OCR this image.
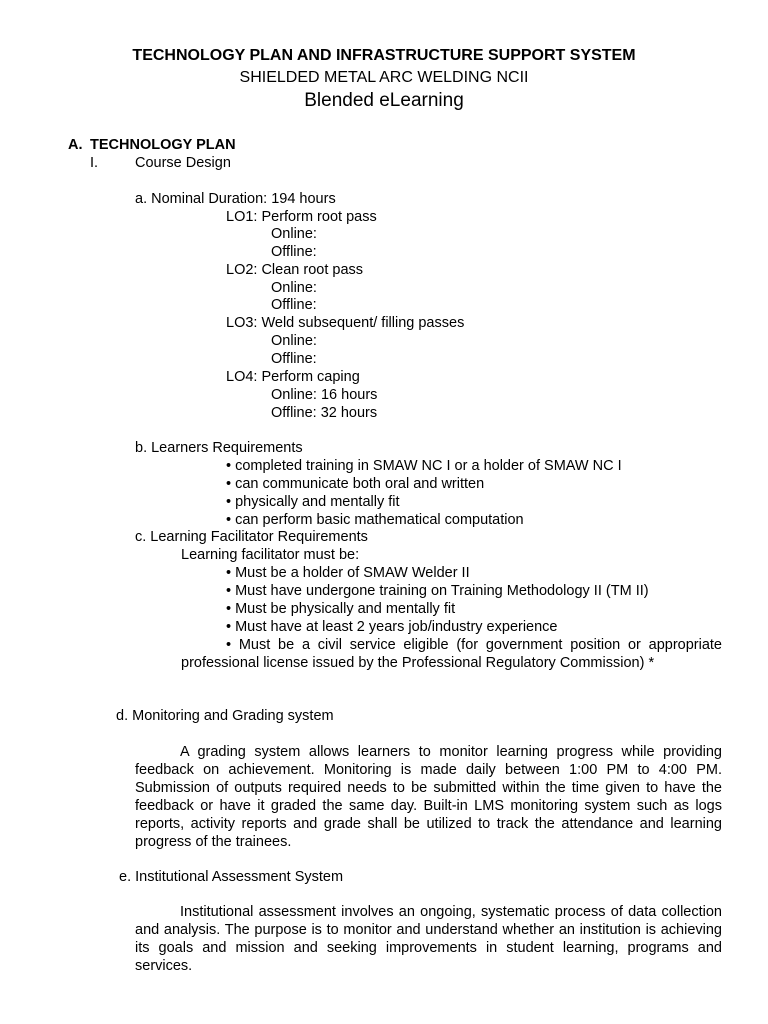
TECHNOLOGY PLAN AND INFRASTRUCTURE SUPPORT SYSTEM
SHIELDED METAL ARC WELDING NCII
Blended eLearning
A. TECHNOLOGY PLAN
I.	Course Design
a. Nominal Duration: 194 hours
LO1: Perform root pass
Online:
Offline:
LO2: Clean root pass
Online:
Offline:
LO3: Weld subsequent/ filling passes
Online:
Offline:
LO4: Perform caping
Online: 16 hours
Offline: 32 hours
b. Learners Requirements
• completed training in SMAW NC I or a holder of SMAW NC I
• can communicate both oral and written
• physically and mentally fit
• can perform basic mathematical computation
c. Learning Facilitator Requirements
Learning facilitator must be:
• Must be a holder of SMAW Welder II
• Must have undergone training on Training Methodology II (TM II)
• Must be physically and mentally fit
• Must have at least 2 years job/industry experience
• Must be a civil service eligible (for government position or appropriate
professional license issued by the Professional Regulatory Commission) *
d. Monitoring and Grading system
A grading system allows learners to monitor learning progress while providing feedback on achievement. Monitoring is made daily between 1:00 PM to 4:00 PM. Submission of outputs required needs to be submitted within the time given to have the feedback or have it graded the same day. Built-in LMS monitoring system such as logs reports, activity reports and grade shall be utilized to track the attendance and learning progress of the trainees.
e. Institutional Assessment System
Institutional assessment involves an ongoing, systematic process of data collection and analysis. The purpose is to monitor and understand whether an institution is achieving its goals and mission and seeking improvements in student learning, programs and services.
